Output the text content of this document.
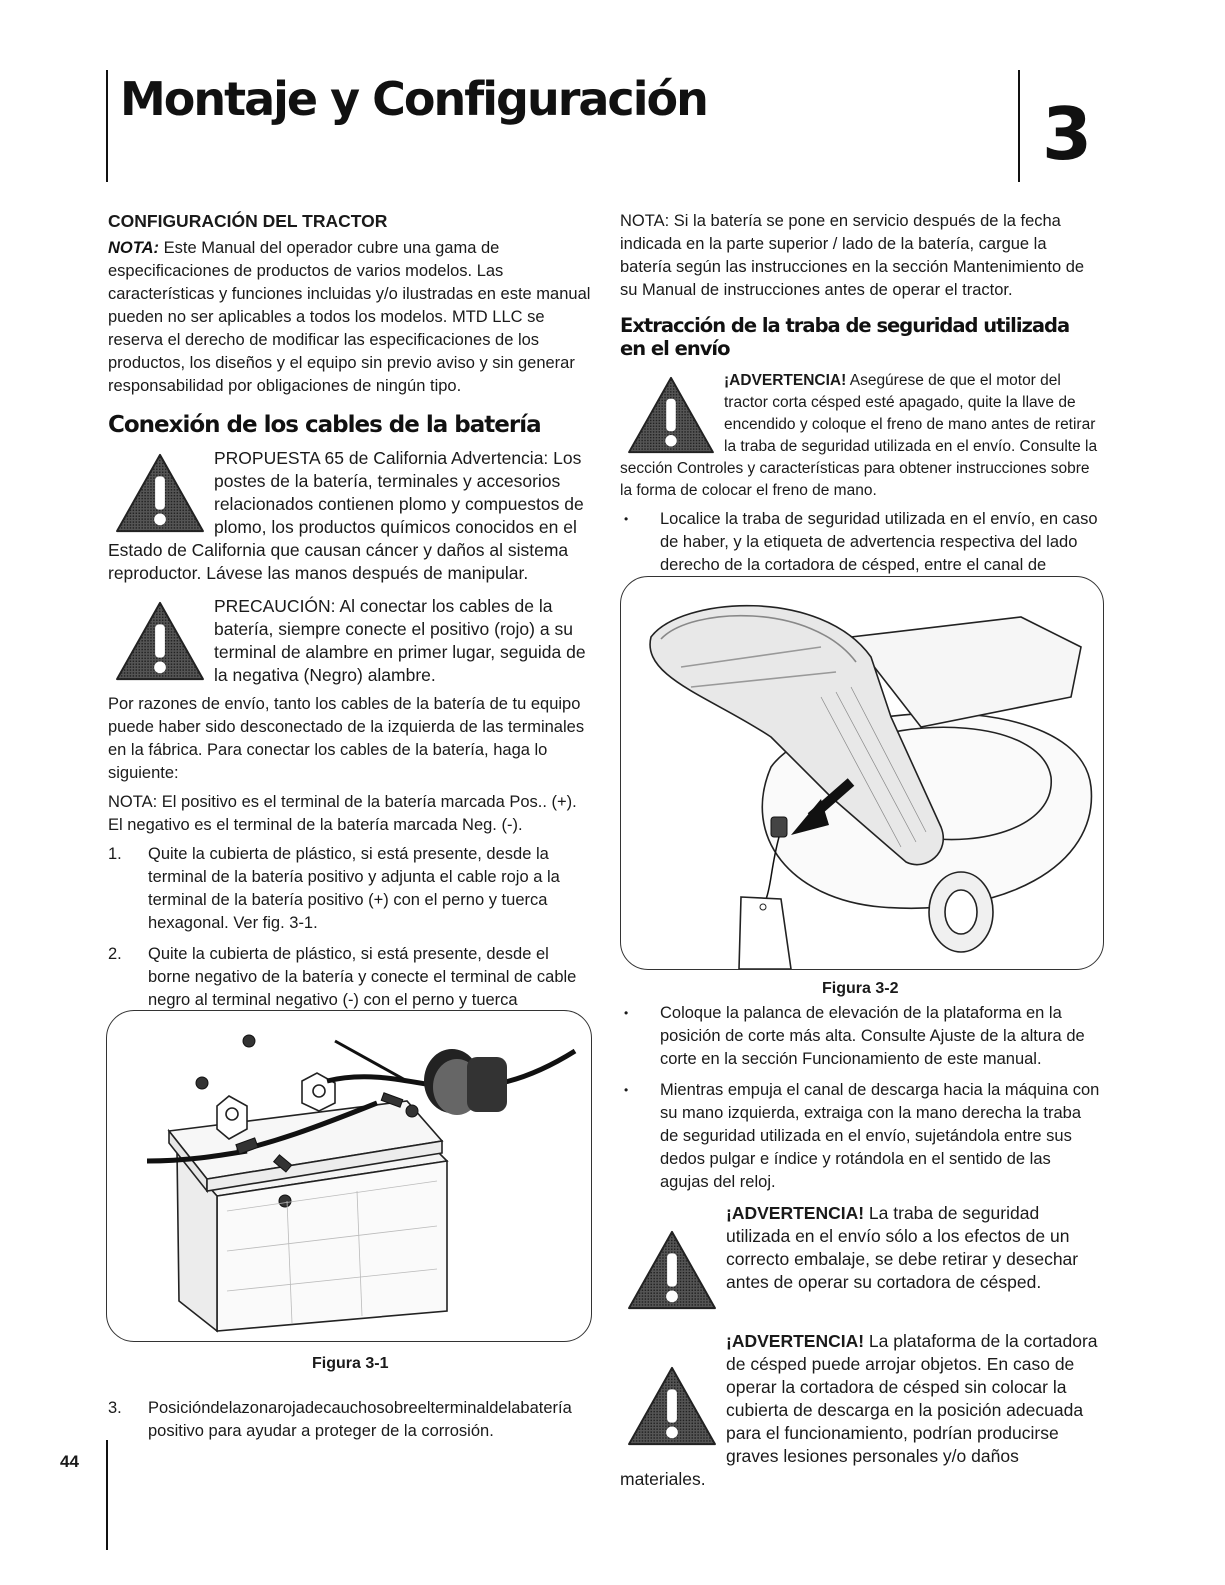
Montaje y Configuración	3
CONFIGURACIÓN DEL TRACTOR

NOTA: Este Manual del operador cubre una gama de especificaciones de productos de varios modelos. Las características y funciones incluidas y/o ilustradas en este manual pueden no ser aplicables a todos los modelos. MTD LLC se reserva el derecho de modificar las especificaciones de los productos, los diseños y el equipo sin previo aviso y sin generar responsabilidad por obligaciones de ningún tipo.

Conexión de los cables de la batería
PROPUESTA 65 de California Advertencia: Los postes de la batería, terminales y accesorios relacionados contienen plomo y compuestos de plomo, los productos químicos conocidos en el Estado de California que causan cáncer y daños al sistema reproductor. Lávese las manos después de manipular.
PRECAUCIÓN: Al conectar los cables de la batería, siempre conecte el positivo (rojo) a su terminal de alambre en primer lugar, seguida de la negativa (Negro) alambre.

Por razones de envío, tanto los cables de la batería de tu equipo puede haber sido desconectado de la izquierda de las terminales en la fábrica. Para conectar los cables de la batería, haga lo siguiente:

NOTA: El positivo es el terminal de la batería marcada Pos.. (+). El negativo es el terminal de la batería marcada Neg. (-).

1. Quite la cubierta de plástico, si está presente, desde la terminal de la batería positivo y adjunta el cable rojo a la terminal de la batería positivo (+) con el perno y tuerca hexagonal. Ver fig. 3-1.
2. Quite la cubierta de plástico, si está presente, desde el borne negativo de la batería y conecte el terminal de cable negro al terminal negativo (-) con el perno y tuerca
Figura 3-1
3. Posicióndelazonarojadecauchosobreelterminaldelabatería positivo para ayudar a proteger de la corrosión.

NOTA: Si la batería se pone en servicio después de la fecha indicada en la parte superior / lado de la batería, cargue la batería según las instrucciones en la sección Mantenimiento de su Manual de instrucciones antes de operar el tractor.

Extracción de la traba de seguridad utilizada en el envío
¡ADVERTENCIA! Asegúrese de que el motor del tractor corta césped esté apagado, quite la llave de encendido y coloque el freno de mano antes de retirar la traba de seguridad utilizada en el envío. Consulte la sección Controles y características para obtener instrucciones sobre la forma de colocar el freno de mano.
• Localice la traba de seguridad utilizada en el envío, en caso de haber, y la etiqueta de advertencia respectiva del lado derecho de la cortadora de césped, entre el canal de
Figura 3-2
• Coloque la palanca de elevación de la plataforma en la posición de corte más alta. Consulte Ajuste de la altura de corte en la sección Funcionamiento de este manual.
• Mientras empuja el canal de descarga hacia la máquina con su mano izquierda, extraiga con la mano derecha la traba de seguridad utilizada en el envío, sujetándola entre sus dedos pulgar e índice y rotándola en el sentido de las agujas del reloj.
¡ADVERTENCIA! La traba de seguridad utilizada en el envío sólo a los efectos de un correcto embalaje, se debe retirar y desechar antes de operar su cortadora de césped.
¡ADVERTENCIA! La plataforma de la cortadora de césped puede arrojar objetos. En caso de operar la cortadora de césped sin colocar la cubierta de descarga en la posición adecuada para el funcionamiento, podrían producirse graves lesiones personales y/o daños materiales.
44
